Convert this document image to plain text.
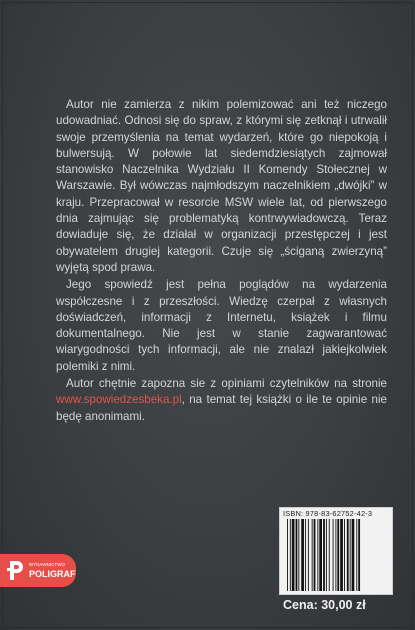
Autor nie zamierza z nikim polemizować ani też niczego udowadniać. Odnosi się do spraw, z którymi się zetknął i utrwalił swoje przemyślenia na temat wydarzeń, które go niepokoją i bulwersują. W połowie lat siedemdziesiątych zajmował stanowisko Naczelnika Wydziału II Komendy Stołecznej w Warszawie. Był wówczas najmłodszym naczelnikiem „dwójki” w kraju. Przepracował w resorcie MSW wiele lat, od pierwszego dnia zajmując się problematyką kontrwywiadowczą. Teraz dowiaduje się, że działał w organizacji przestępczej i jest obywatelem drugiej kategorii. Czuje się „ściganą zwierzyną” wyjętą spod prawa.

Jego spowiedź jest pełna poglądów na wydarzenia współczesne i z przeszłości. Wiedzę czerpał z własnych doświadczeń, informacji z Internetu, książek i filmu dokumentalnego. Nie jest w stanie zagwarantować wiarygodności tych informacji, ale nie znalazł jakiejkolwiek polemiki z nimi.

Autor chętnie zapozna sie z opiniami czytelników na stronie www.spowiedzesbeka.pl, na temat tej książki o ile te opinie nie będę anonimami.

WYDAWNICTWO
POLIGRAF
ISBN: 978-83-62752-42-3
Cena: 30,00 zł
